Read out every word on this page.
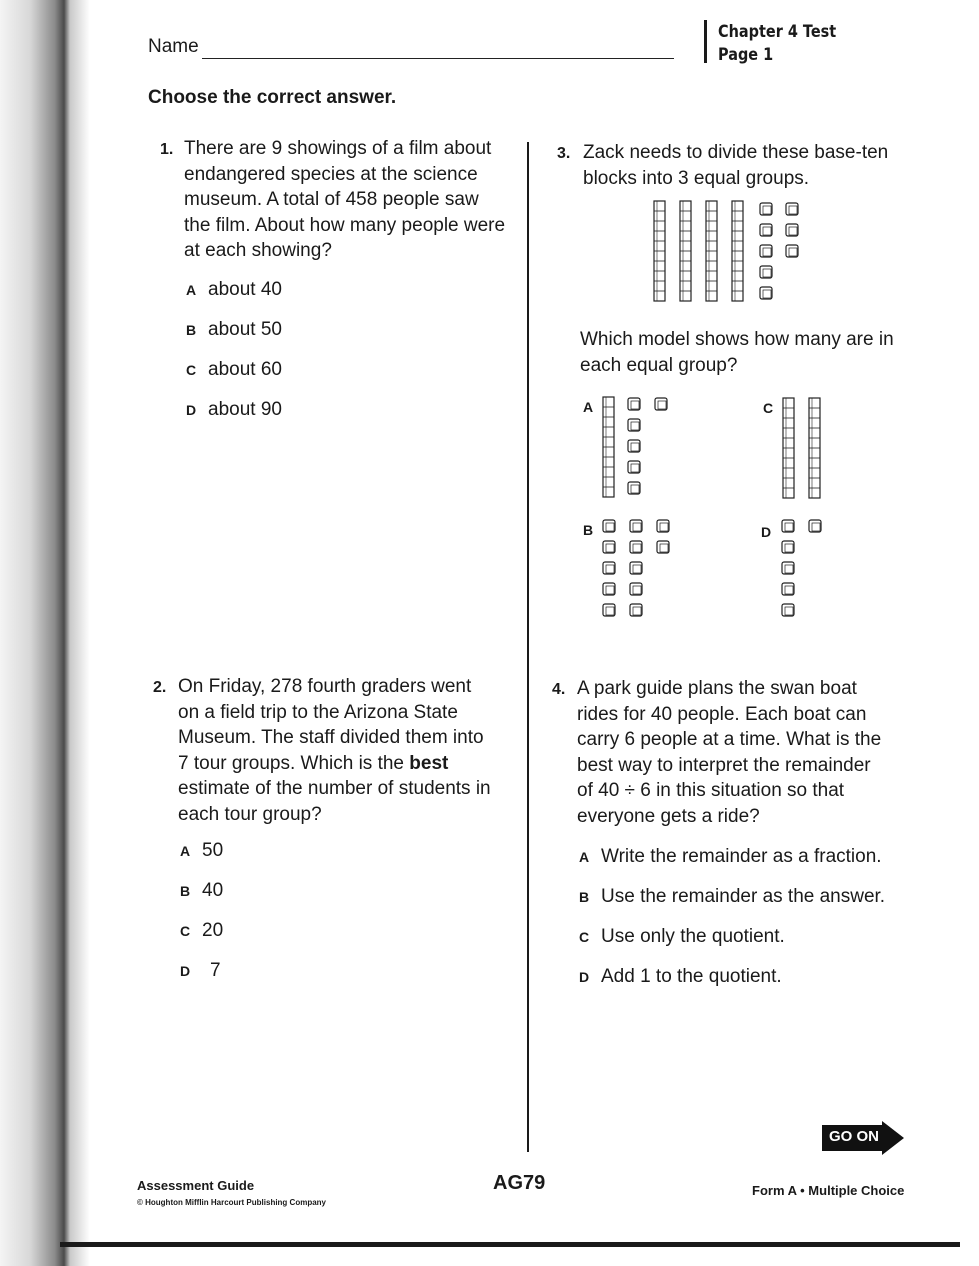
Name
Chapter 4 Test
Page 1
Choose the correct answer.
1. There are 9 showings of a film about
endangered species at the science
museum. A total of 458 people saw
the film. About how many people were
at each showing?
A about 40
B about 50
C about 60
D about 90
2. On Friday, 278 fourth graders went
on a field trip to the Arizona State
Museum. The staff divided them into
7 tour groups. Which is the best
estimate of the number of students in
each tour group?
A 50
B 40
C 20
D 7
3. Zack needs to divide these base-ten
blocks into 3 equal groups.
Which model shows how many are in
each equal group?
A	C
B	D
4. A park guide plans the swan boat
rides for 40 people. Each boat can
carry 6 people at a time. What is the
best way to interpret the remainder
of 40 ÷ 6 in this situation so that
everyone gets a ride?
A Write the remainder as a fraction.
B Use the remainder as the answer.
C Use only the quotient.
D Add 1 to the quotient.
GO ON
Assessment Guide
© Houghton Mifflin Harcourt Publishing Company
AG79	Form A • Multiple Choice
